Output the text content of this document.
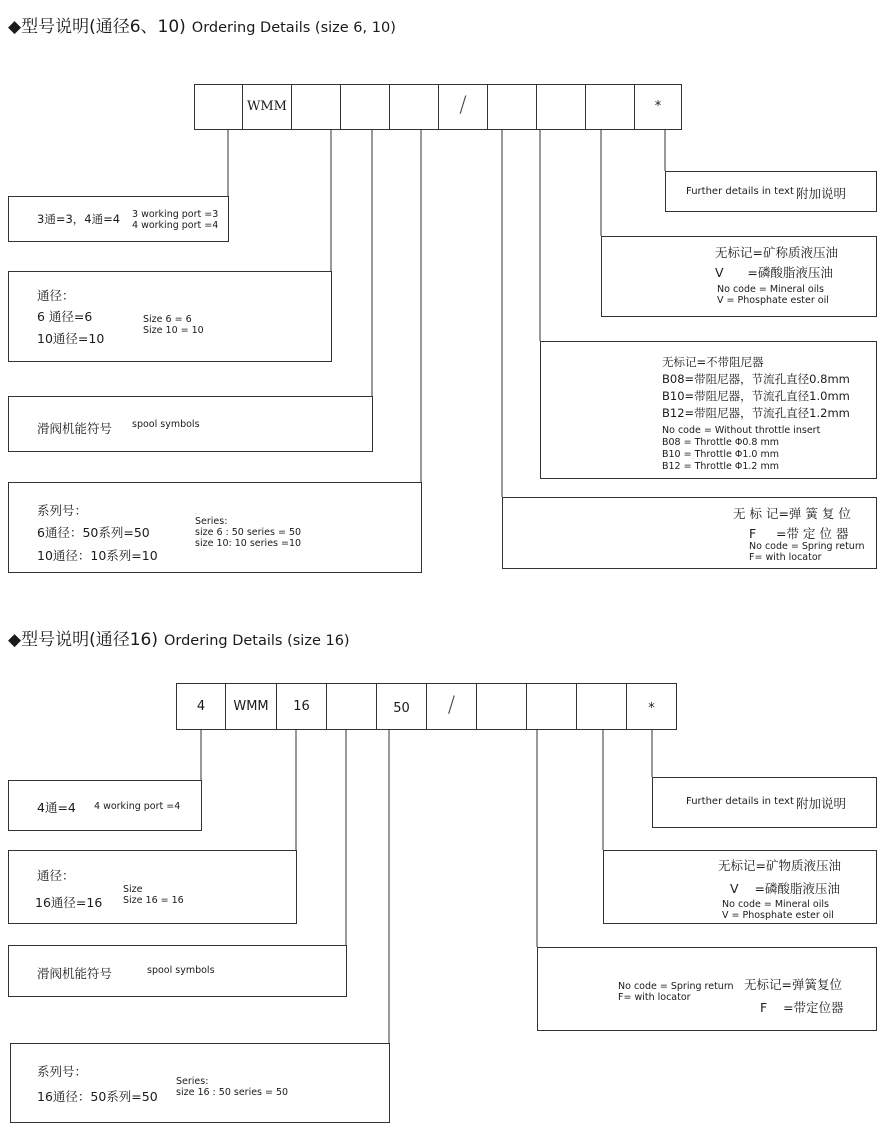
◆型号说明(通径6、10) Ordering Details (size 6, 10)
WMM	/	*
Further details in text 附加说明
无标记=矿称质液压油
V      =磷酸脂液压油
No code = Mineral oils
V = Phosphate ester oil
无标记=不带阻尼器
B08=带阻尼器，节流孔直径0.8mm
B10=带阻尼器，节流孔直径1.0mm
B12=带阻尼器，节流孔直径1.2mm
No code = Without throttle insert
B08 = Throttle Φ0.8 mm
B10 = Throttle Φ1.0 mm
B12 = Throttle Φ1.2 mm
无 标 记=弹 簧 复 位
F     =带 定 位 器
No code = Spring return
F= with locator
3通=3，4通=4 3 working port =3
4 working port =4
通径：
6 通径=6
10通径=10
Size 6 = 6
Size 10 = 10
滑阀机能符号 spool symbols
系列号：
6通径：50系列=50
10通径：10系列=10
Series:
size 6 : 50 series = 50
size 10: 10 series =10
◆型号说明(通径16) Ordering Details (size 16)
4	WMM	16	50	/	*
Further details in text 附加说明
无标记=矿物质液压油
V    =磷酸脂液压油
No code = Mineral oils
V = Phosphate ester oil
No code = Spring return
F= with locator
无标记=弹簧复位
F    =带定位器
4通=4 4 working port =4
通径：
16通径=16
Size
Size 16 = 16
滑阀机能符号	spool symbols
系列号：
16通径：50系列=50
Series:
size 16 : 50 series = 50
